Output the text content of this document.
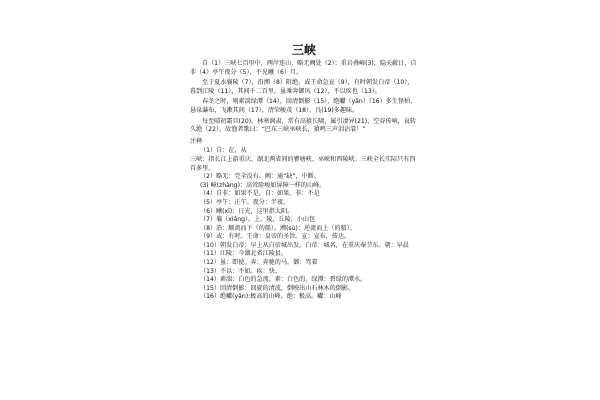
三峡

自（1）三峡七百里中，两岸连山，略无阙处（2）；重岩叠嶂(3)，隐天蔽日，自非（4）亭午夜分（5），不见曦（6）月。

至于夏水襄陵（7），沿溯（8）阻绝。或王命急宣（9），有时朝发白帝（10），暮到江陵（11），其间千二百里，虽乘奔御风（12），不以疾也（13）。

春冬之时，则素湍绿潭（14），回清倒影（15），绝巘（yǎn）（16）多生怪柏，悬泉瀑布，飞漱其间（17），清荣峻茂（18），良(19)多趣味。

每至晴初霜旦(20)，林寒涧肃，常有高猿长啸，属引凄异(21)，空谷传响，哀转久绝（22）。故渔者歌曰：“巴东三峡巫峡长，猿鸣三声泪沾裳！”

注释

（1）自：在，从

三峡：指长江上游重庆、湖北两省间的瞿塘峡、巫峡和西陵峡。三峡全长实际只有四百多里。

（2）略无：完全没有。阙：通“缺”，中断。

(3) 嶂(zhàng)：高耸险峻如屏障一样的山峰。

（4）自非：如果不是。自：如果。非：不是

（5）亭午：正午。夜分：半夜。

（6）曦(xī)：日光，这里指太阳。

（7）襄（xiāng），上。陵，丘陵，小山包

（8）沿：顺流而下（的船）。溯(sù)：逆流而上（的船）。

（9）或：有时。王命：皇帝的圣旨。宣：宣布，传达。

（10）朝发白帝：早上从白帝城出发。白帝：城名，在重庆奉节东。朝：早晨

（11）江陵：今湖北省江陵县。

（12）虽：即使。奔：奔驰的马。御：驾着

（13）不以：不如。疾：快。

（14）素湍：白色的急流。素：白色的。绿潭：碧绿的潭水。

（15）回清倒影：回旋的清波，倒映出山石林木的倒影。

（16）绝巘(yǎn):极高的山峰。绝：极高。巘：山峰
